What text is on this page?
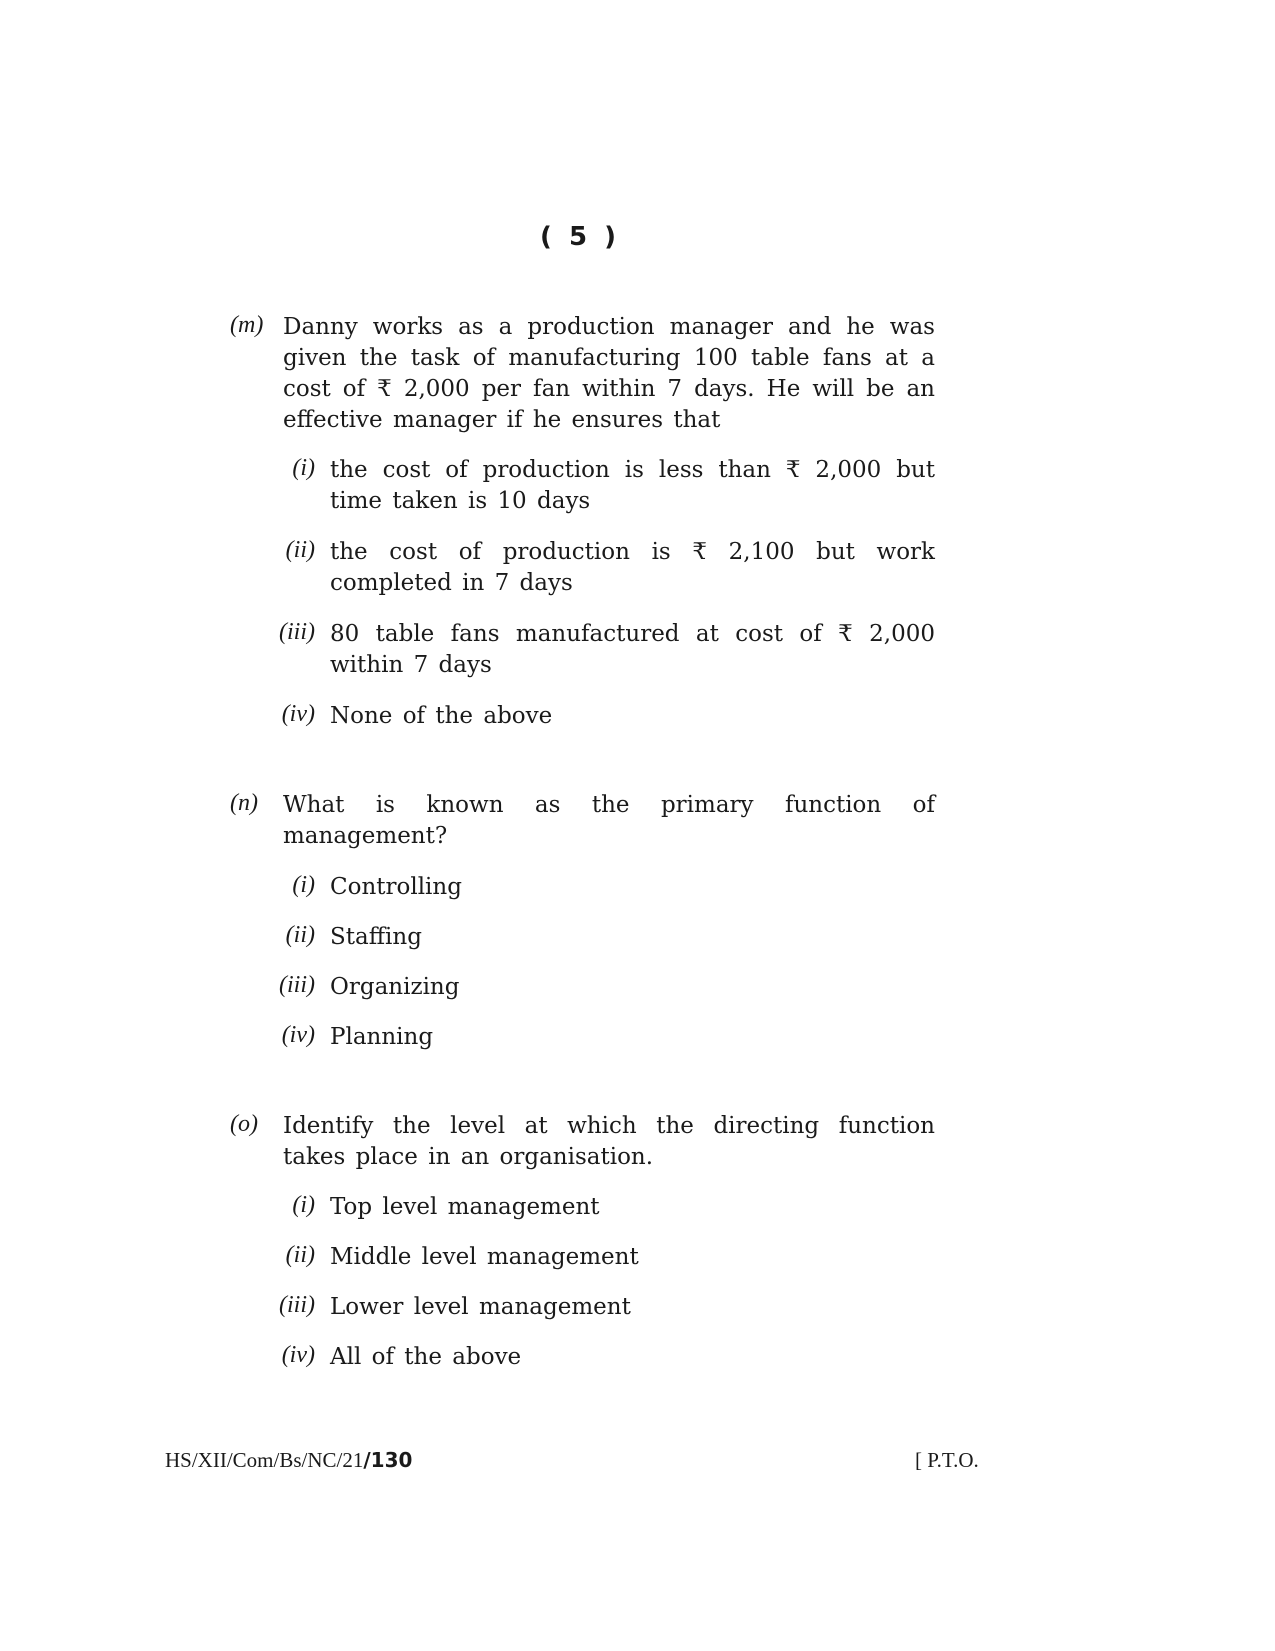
( 5 )
(m) Danny works as a production manager and he was given the task of manufacturing 100 table fans at a cost of ₹ 2,000 per fan within 7 days. He will be an effective manager if he ensures that
(i) the cost of production is less than ₹ 2,000 but time taken is 10 days
(ii) the cost of production is ₹ 2,100 but work completed in 7 days
(iii) 80 table fans manufactured at cost of ₹ 2,000 within 7 days
(iv) None of the above
(n) What is known as the primary function of management?
(i) Controlling
(ii) Staffing
(iii) Organizing
(iv) Planning
(o) Identify the level at which the directing function takes place in an organisation.
(i) Top level management
(ii) Middle level management
(iii) Lower level management
(iv) All of the above
HS/XII/Com/Bs/NC/21/130	[ P.T.O.
